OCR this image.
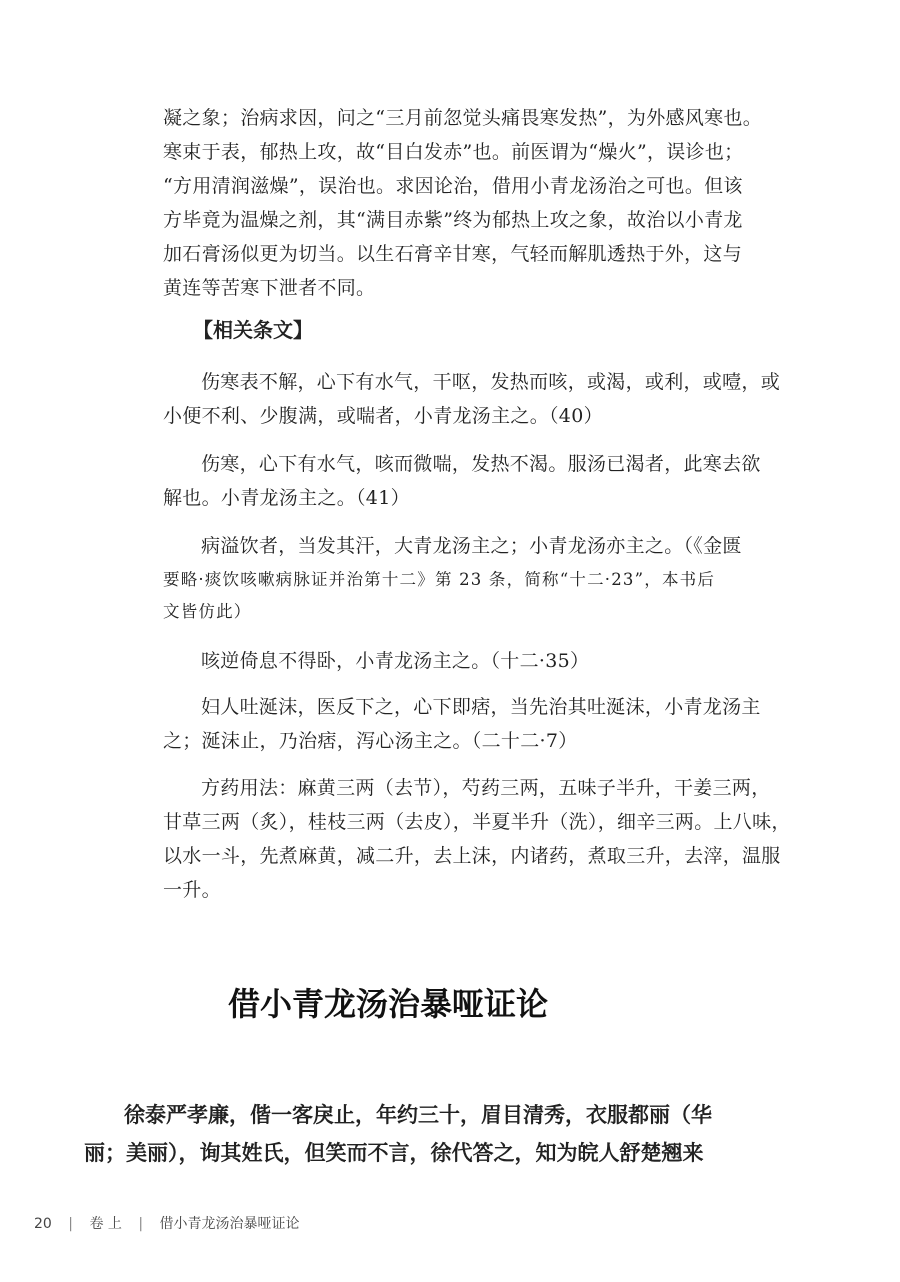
凝之象；治病求因，问之“三月前忽觉头痛畏寒发热”，为外感风寒也。
寒束于表，郁热上攻，故“目白发赤”也。前医谓为“燥火”，误诊也；
“方用清润滋燥”，误治也。求因论治，借用小青龙汤治之可也。但该
方毕竟为温燥之剂，其“满目赤紫”终为郁热上攻之象，故治以小青龙
加石膏汤似更为切当。以生石膏辛甘寒，气轻而解肌透热于外，这与
黄连等苦寒下泄者不同。
【相关条文】
伤寒表不解，心下有水气，干呕，发热而咳，或渴，或利，或噎，或
小便不利、少腹满，或喘者，小青龙汤主之。（40）
伤寒，心下有水气，咳而微喘，发热不渴。服汤已渴者，此寒去欲
解也。小青龙汤主之。（41）
病溢饮者，当发其汗，大青龙汤主之；小青龙汤亦主之。（《金匮
要略·痰饮咳嗽病脉证并治第十二》第 23 条，简称“十二·23”，本书后
文皆仿此）
咳逆倚息不得卧，小青龙汤主之。（十二·35）
妇人吐涎沫，医反下之，心下即痞，当先治其吐涎沫，小青龙汤主
之；涎沫止，乃治痞，泻心汤主之。（二十二·7）
方药用法：麻黄三两（去节），芍药三两，五味子半升，干姜三两，
甘草三两（炙），桂枝三两（去皮），半夏半升（洗），细辛三两。上八味，
以水一斗，先煮麻黄，减二升，去上沫，内诸药，煮取三升，去滓，温服
一升。
借小青龙汤治暴哑证论
徐泰严孝廉，偕一客戾止，年约三十，眉目清秀，衣服都丽（华
丽；美丽），询其姓氏，但笑而不言，徐代答之，知为皖人舒楚翘来
20 | 卷 上 | 借小青龙汤治暴哑证论
